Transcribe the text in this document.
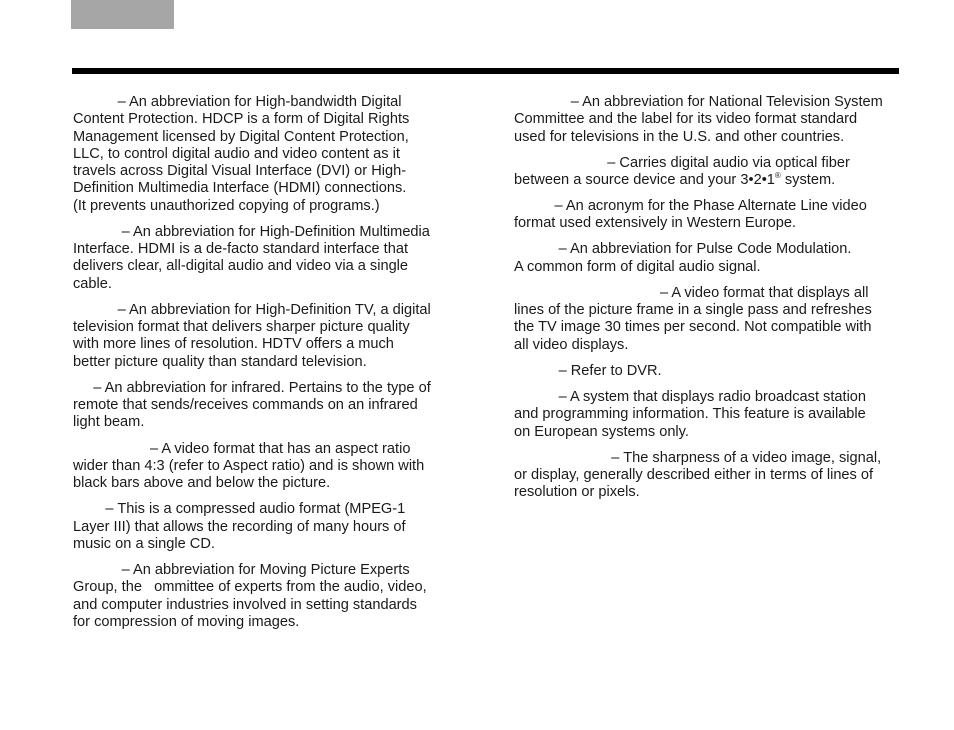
– An abbreviation for High-bandwidth Digital
Content Protection. HDCP is a form of Digital Rights
Management licensed by Digital Content Protection,
LLC, to control digital audio and video content as it
travels across Digital Visual Interface (DVI) or High-
Definition Multimedia Interface (HDMI) connections.
(It prevents unauthorized copying of programs.)
– An abbreviation for High-Definition Multimedia
Interface. HDMI is a de-facto standard interface that
delivers clear, all-digital audio and video via a single
cable.
– An abbreviation for High-Definition TV, a digital
television format that delivers sharper picture quality
with more lines of resolution. HDTV offers a much
better picture quality than standard television.
– An abbreviation for infrared. Pertains to the type of
remote that sends/receives commands on an infrared
light beam.
– A video format that has an aspect ratio
wider than 4:3 (refer to Aspect ratio) and is shown with
black bars above and below the picture.
– This is a compressed audio format (MPEG-1
Layer III) that allows the recording of many hours of
music on a single CD.
– An abbreviation for Moving Picture Experts
Group, the   ommittee of experts from the audio, video,
and computer industries involved in setting standards
for compression of moving images.
– An abbreviation for National Television System
Committee and the label for its video format standard
used for televisions in the U.S. and other countries.
– Carries digital audio via optical fiber
between a source device and your 3•2•1® system.
– An acronym for the Phase Alternate Line video
format used extensively in Western Europe.
– An abbreviation for Pulse Code Modulation.
A common form of digital audio signal.
– A video format that displays all
lines of the picture frame in a single pass and refreshes
the TV image 30 times per second. Not compatible with
all video displays.
– Refer to DVR.
– A system that displays radio broadcast station
and programming information. This feature is available
on European systems only.
– The sharpness of a video image, signal,
or display, generally described either in terms of lines of
resolution or pixels.
